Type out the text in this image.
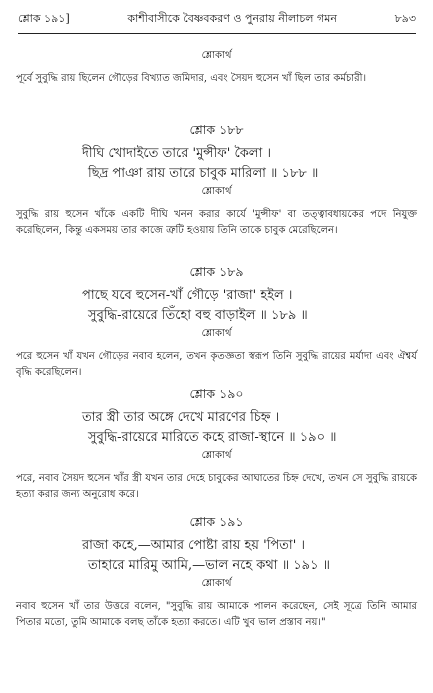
শ্লোক ১৯১]	কাশীবাসীকে বৈষ্ণবকরণ ও পুনরায় নীলাচল গমন	৮৯৩
শ্লোকার্থ
পূর্বে সুবুদ্ধি রায় ছিলেন গৌড়ের বিখ্যাত জমিদার, এবং সৈয়দ হুসেন খাঁ ছিল তার কর্মচারী।
শ্লোক ১৮৮
দীঘি খোদাইতে তারে 'মুন্সীফ' কৈলা ।
ছিদ্র পাঞা রায় তারে চাবুক মারিলা ॥ ১৮৮ ॥
শ্লোকার্থ
সুবুদ্ধি রায় হুসেন খাঁকে একটি দীঘি খনন করার কার্যে 'মুন্সীফ' বা তত্ত্বাবধায়কের পদে নিযুক্ত করেছিলেন, কিন্তু একসময় তার কাজে ত্রুটি হওয়ায় তিনি তাকে চাবুক মেরেছিলেন।
শ্লোক ১৮৯
পাছে যবে হুসেন-খাঁ গৌড়ে 'রাজা' হইল ।
সুবুদ্ধি-রায়েরে তিঁহো বহু বাড়াইল ॥ ১৮৯ ॥
শ্লোকার্থ
পরে হুসেন খাঁ যখন গৌড়ের নবাব হলেন, তখন কৃতজ্ঞতা স্বরূপ তিনি সুবুদ্ধি রায়ের মর্যাদা এবং ঐশ্বর্য বৃদ্ধি করেছিলেন।
শ্লোক ১৯০
তার স্ত্রী তার অঙ্গে দেখে মারণের চিহ্ন ।
সুবুদ্ধি-রায়েরে মারিতে কহে রাজা-স্থানে ॥ ১৯০ ॥
শ্লোকার্থ
পরে, নবাব সৈয়দ হুসেন খাঁর স্ত্রী যখন তার দেহে চাবুকের আঘাতের চিহ্ন দেখে, তখন সে সুবুদ্ধি রায়কে হত্যা করার জন্য অনুরোধ করে।
শ্লোক ১৯১
রাজা কহে,—আমার পোষ্টা রায় হয় 'পিতা' ।
তাহারে মারিমু আমি,—ভাল নহে কথা ॥ ১৯১ ॥
শ্লোকার্থ
নবাব হুসেন খাঁ তার উত্তরে বলেন, "সুবুদ্ধি রায় আমাকে পালন করেছেন, সেই সূত্রে তিনি আমার পিতার মতো, তুমি আমাকে বলছ তাঁকে হত্যা করতে। এটি খুব ভাল প্রস্তাব নয়।"
